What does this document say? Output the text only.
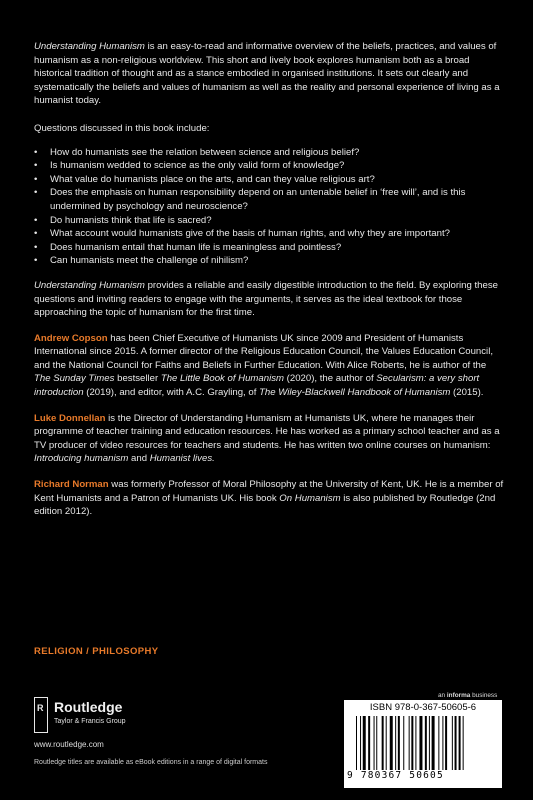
Understanding Humanism is an easy-to-read and informative overview of the beliefs, practices, and values of humanism as a non-religious worldview. This short and lively book explores humanism both as a broad historical tradition of thought and as a stance embodied in organised institutions. It sets out clearly and systematically the beliefs and values of humanism as well as the reality and personal experience of living as a humanist today.

Questions discussed in this book include:

• How do humanists see the relation between science and religious belief?
• Is humanism wedded to science as the only valid form of knowledge?
• What value do humanists place on the arts, and can they value religious art?
• Does the emphasis on human responsibility depend on an untenable belief in ‘free will’, and is this undermined by psychology and neuroscience?
• Do humanists think that life is sacred?
• What account would humanists give of the basis of human rights, and why they are important?
• Does humanism entail that human life is meaningless and pointless?
• Can humanists meet the challenge of nihilism?

Understanding Humanism provides a reliable and easily digestible introduction to the field. By exploring these questions and inviting readers to engage with the arguments, it serves as the ideal textbook for those approaching the topic of humanism for the first time.

Andrew Copson has been Chief Executive of Humanists UK since 2009 and President of Humanists International since 2015. A former director of the Religious Education Council, the Values Education Council, and the National Council for Faiths and Beliefs in Further Education. With Alice Roberts, he is author of the The Sunday Times bestseller The Little Book of Humanism (2020), the author of Secularism: a very short introduction (2019), and editor, with A.C. Grayling, of The Wiley-Blackwell Handbook of Humanism (2015).

Luke Donnellan is the Director of Understanding Humanism at Humanists UK, where he manages their programme of teacher training and education resources. He has worked as a primary school teacher and as a TV producer of video resources for teachers and students. He has written two online courses on humanism: Introducing humanism and Humanist lives.

Richard Norman was formerly Professor of Moral Philosophy at the University of Kent, UK. He is a member of Kent Humanists and a Patron of Humanists UK. His book On Humanism is also published by Routledge (2nd edition 2012).

RELIGION / PHILOSOPHY
R Routledge
Taylor & Francis Group
www.routledge.com
Routledge titles are available as eBook editions in a range of digital formats
an informa business
ISBN 978-0-367-50605-6
9 780367 50605
